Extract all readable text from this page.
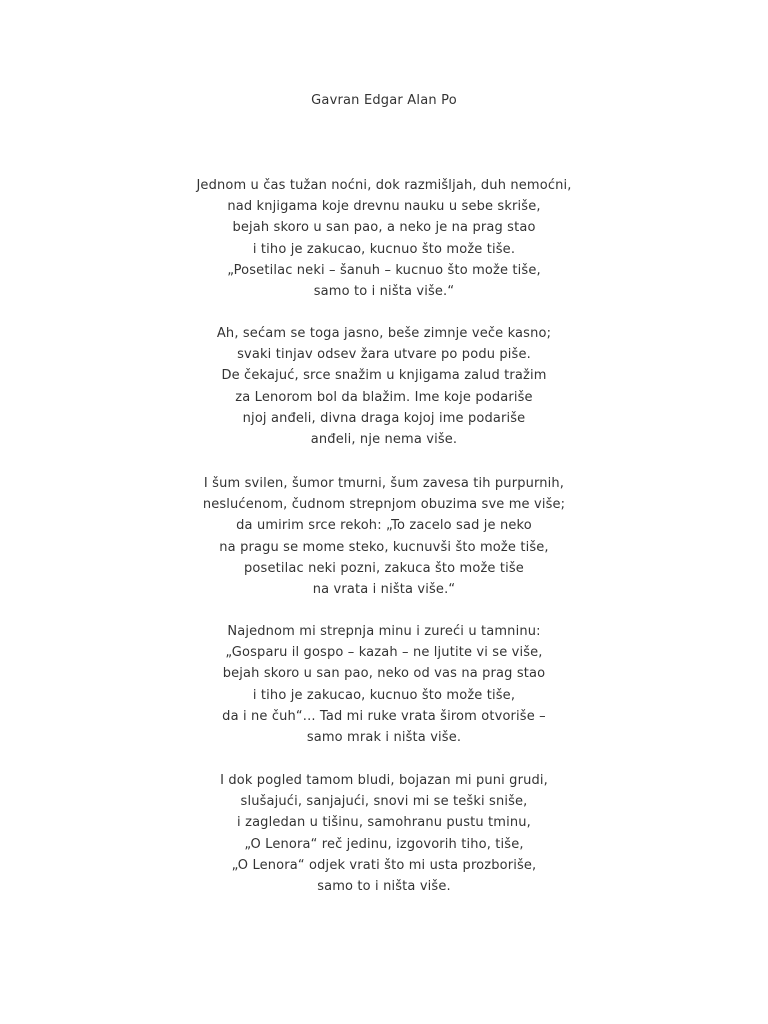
Gavran Edgar Alan Po
Jednom u čas tužan noćni, dok razmišljah, duh nemoćni,
nad knjigama koje drevnu nauku u sebe skriše,
bejah skoro u san pao, a neko je na prag stao
i tiho je zakucao, kucnuo što može tiše.
„Posetilac neki – šanuh – kucnuo što može tiše,
samo to i ništa više.“
Ah, sećam se toga jasno, beše zimnje veče kasno;
svaki tinjav odsev žara utvare po podu piše.
De čekajuć, srce snažim u knjigama zalud tražim
za Lenorom bol da blažim. Ime koje podariše
njoj anđeli, divna draga kojoj ime podariše
anđeli, nje nema više.
I šum svilen, šumor tmurni, šum zavesa tih purpurnih,
neslućenom, čudnom strepnjom obuzima sve me više;
da umirim srce rekoh: „To zacelo sad je neko
na pragu se mome steko, kucnuvši što može tiše,
posetilac neki pozni, zakuca što može tiše
na vrata i ništa više.“
Najednom mi strepnja minu i zureći u tamninu:
„Gosparu il gospo – kazah – ne ljutite vi se više,
bejah skoro u san pao, neko od vas na prag stao
i tiho je zakucao, kucnuo što može tiše,
da i ne čuh“... Tad mi ruke vrata širom otvoriše –
samo mrak i ništa više.
I dok pogled tamom bludi, bojazan mi puni grudi,
slušajući, sanjajući, snovi mi se teški sniše,
i zagledan u tišinu, samohranu pustu tminu,
„O Lenora“ reč jedinu, izgovorih tiho, tiše,
„O Lenora“ odjek vrati što mi usta prozboriše,
samo to i ništa više.
